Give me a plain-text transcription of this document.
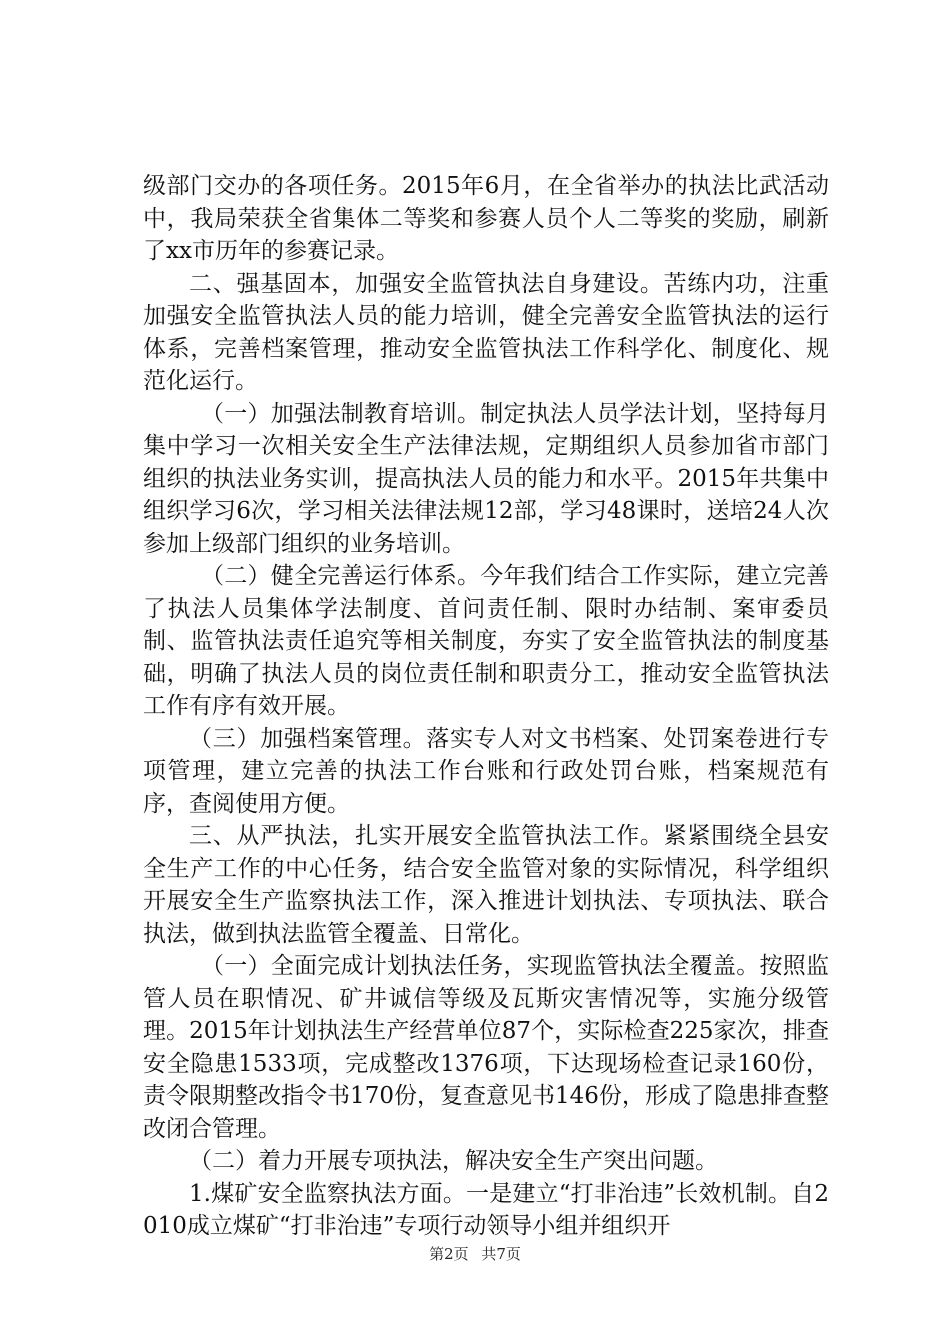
级部门交办的各项任务。2015年6月，在全省举办的执法比武活动中，我局荣获全省集体二等奖和参赛人员个人二等奖的奖励，刷新了xx市历年的参赛记录。

二、强基固本，加强安全监管执法自身建设。苦练内功，注重加强安全监管执法人员的能力培训，健全完善安全监管执法的运行体系，完善档案管理，推动安全监管执法工作科学化、制度化、规范化运行。

（一）加强法制教育培训。制定执法人员学法计划，坚持每月集中学习一次相关安全生产法律法规，定期组织人员参加省市部门组织的执法业务实训，提高执法人员的能力和水平。2015年共集中组织学习6次，学习相关法律法规12部，学习48课时，送培24人次参加上级部门组织的业务培训。

（二）健全完善运行体系。今年我们结合工作实际，建立完善了执法人员集体学法制度、首问责任制、限时办结制、案审委员制、监管执法责任追究等相关制度，夯实了安全监管执法的制度基础，明确了执法人员的岗位责任制和职责分工，推动安全监管执法工作有序有效开展。

（三）加强档案管理。落实专人对文书档案、处罚案卷进行专项管理，建立完善的执法工作台账和行政处罚台账，档案规范有序，查阅使用方便。

三、从严执法，扎实开展安全监管执法工作。紧紧围绕全县安全生产工作的中心任务，结合安全监管对象的实际情况，科学组织开展安全生产监察执法工作，深入推进计划执法、专项执法、联合执法，做到执法监管全覆盖、日常化。

（一）全面完成计划执法任务，实现监管执法全覆盖。按照监管人员在职情况、矿井诚信等级及瓦斯灾害情况等，实施分级管理。2015年计划执法生产经营单位87个，实际检查225家次，排查安全隐患1533项，完成整改1376项，下达现场检查记录160份，责令限期整改指令书170份，复查意见书146份，形成了隐患排查整改闭合管理。

（二）着力开展专项执法，解决安全生产突出问题。

1.煤矿安全监察执法方面。一是建立“打非治违”长效机制。自2010成立煤矿“打非治违”专项行动领导小组并组织开

第2页 共7页
